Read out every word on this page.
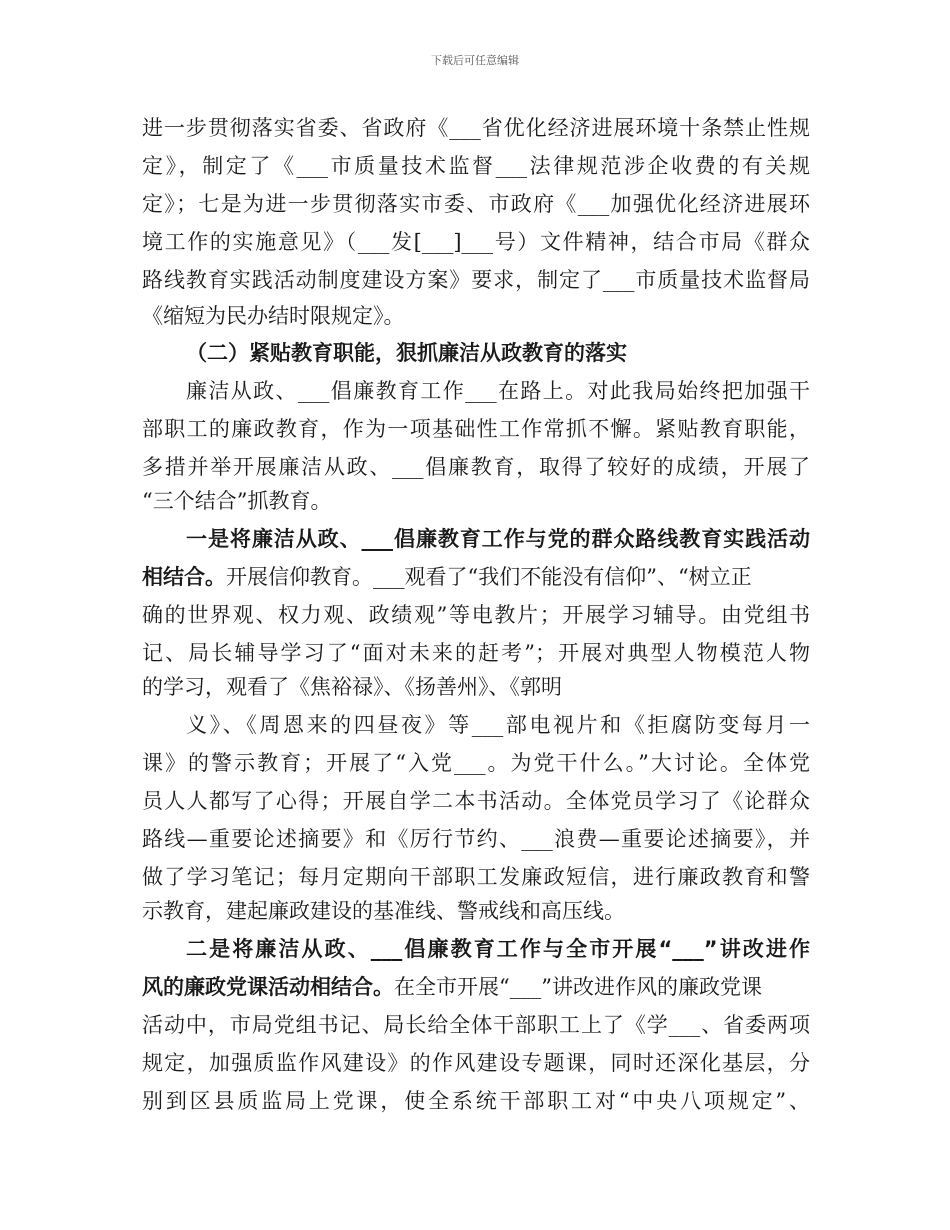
下载后可任意编辑
进一步贯彻落实省委、省政府《___省优化经济进展环境十条禁止性规
定》，制定了《___市质量技术监督___法律规范涉企收费的有关规
定》；七是为进一步贯彻落实市委、市政府《___加强优化经济进展环
境工作的实施意见》（___发[___]___号）文件精神，结合市局《群众
路线教育实践活动制度建设方案》要求，制定了___市质量技术监督局
《缩短为民办结时限规定》。
（二）紧贴教育职能，狠抓廉洁从政教育的落实
廉洁从政、___倡廉教育工作___在路上。对此我局始终把加强干
部职工的廉政教育，作为一项基础性工作常抓不懈。紧贴教育职能，
多措并举开展廉洁从政、___倡廉教育，取得了较好的成绩，开展了
“三个结合”抓教育。
一是将廉洁从政、___倡廉教育工作与党的群众路线教育实践活动
相结合。开展信仰教育。___观看了“我们不能没有信仰”、“树立正
确的世界观、权力观、政绩观”等电教片；开展学习辅导。由党组书
记、局长辅导学习了“面对未来的赶考”；开展对典型人物模范人物
的学习，观看了《焦裕禄》、《扬善州》、《郭明
义》、《周恩来的四昼夜》等___部电视片和《拒腐防变每月一
课》的警示教育；开展了“入党___。为党干什么。”大讨论。全体党
员人人都写了心得；开展自学二本书活动。全体党员学习了《论群众
路线—重要论述摘要》和《厉行节约、___浪费—重要论述摘要》，并
做了学习笔记；每月定期向干部职工发廉政短信，进行廉政教育和警
示教育，建起廉政建设的基准线、警戒线和高压线。
二是将廉洁从政、___倡廉教育工作与全市开展“___”讲改进作
风的廉政党课活动相结合。在全市开展“___”讲改进作风的廉政党课
活动中，市局党组书记、局长给全体干部职工上了《学___、省委两项
规定，加强质监作风建设》的作风建设专题课，同时还深化基层，分
别到区县质监局上党课，使全系统干部职工对“中央八项规定”、
